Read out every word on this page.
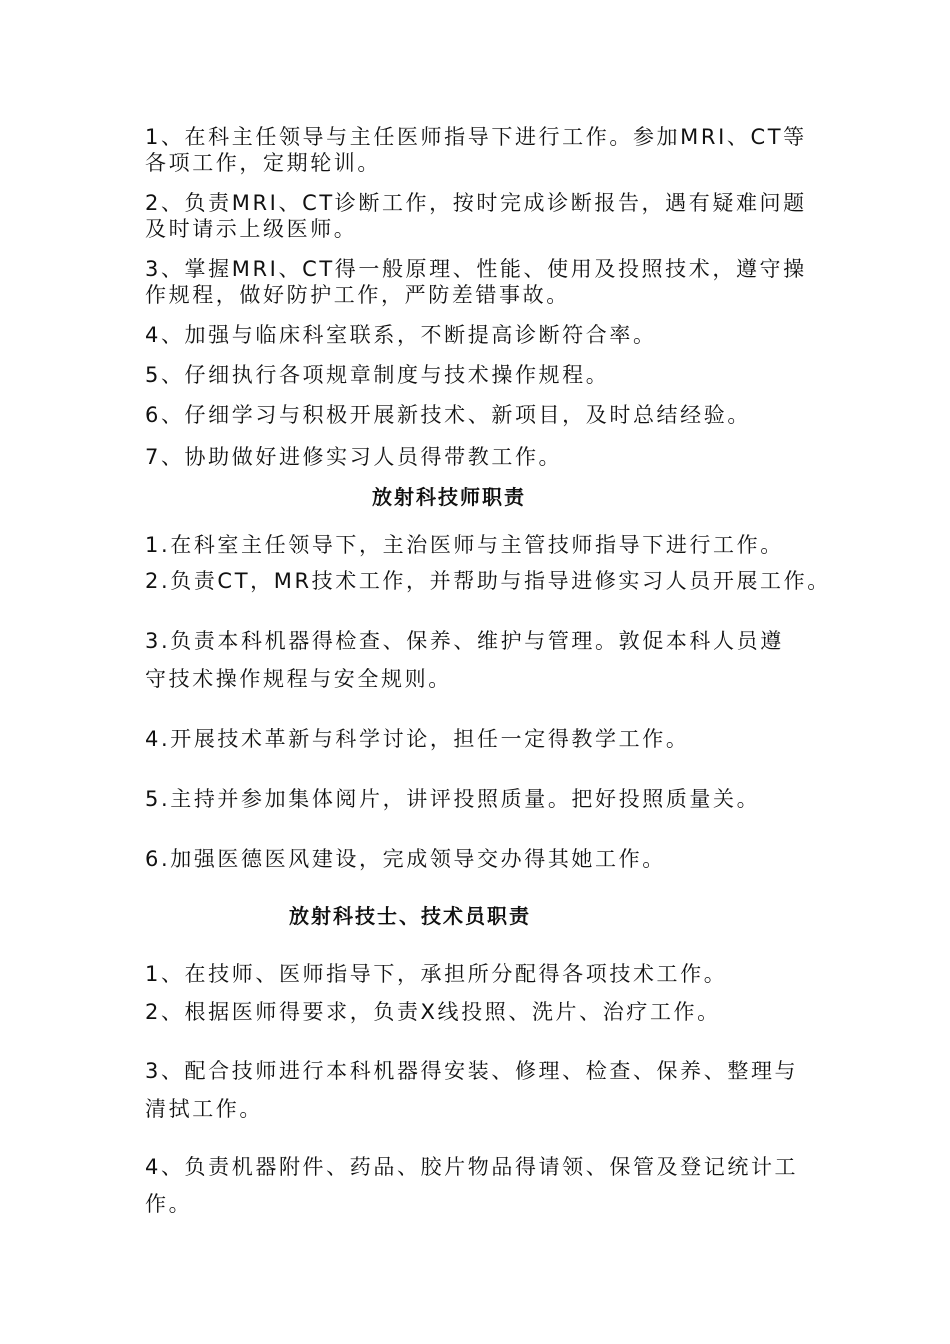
1、在科主任领导与主任医师指导下进行工作。参加MRI、CT等
各项工作，定期轮训。
2、负责MRI、CT诊断工作，按时完成诊断报告，遇有疑难问题
及时请示上级医师。
3、掌握MRI、CT得一般原理、性能、使用及投照技术，遵守操
作规程，做好防护工作，严防差错事故。
4、加强与临床科室联系，不断提高诊断符合率。
5、仔细执行各项规章制度与技术操作规程。
6、仔细学习与积极开展新技术、新项目，及时总结经验。
7、协助做好进修实习人员得带教工作。
放射科技师职责
1.在科室主任领导下，主治医师与主管技师指导下进行工作。
2.负责CT，MR技术工作，并帮助与指导进修实习人员开展工作。
3.负责本科机器得检查、保养、维护与管理。敦促本科人员遵
守技术操作规程与安全规则。
4.开展技术革新与科学讨论，担任一定得教学工作。
5.主持并参加集体阅片，讲评投照质量。把好投照质量关。
6.加强医德医风建设，完成领导交办得其她工作。
放射科技士、技术员职责
1、在技师、医师指导下，承担所分配得各项技术工作。
2、根据医师得要求，负责X线投照、洗片、治疗工作。
3、配合技师进行本科机器得安装、修理、检查、保养、整理与
清拭工作。
4、负责机器附件、药品、胶片物品得请领、保管及登记统计工
作。
